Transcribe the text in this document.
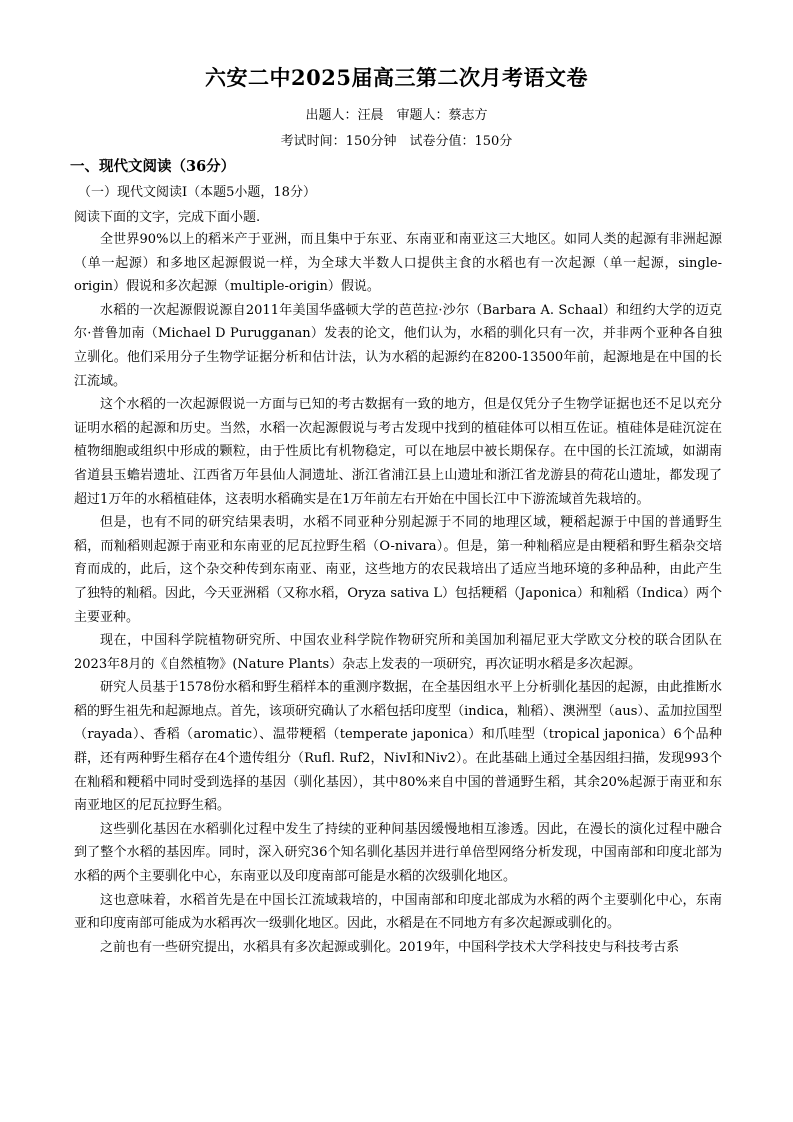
六安二中2025届高三第二次月考语文卷
出题人：汪晨　审题人：蔡志方
考试时间：150分钟　试卷分值：150分
一、现代文阅读（36分）
（一）现代文阅读Ⅰ（本题5小题，18分）
阅读下面的文字，完成下面小题.

全世界90%以上的稻米产于亚洲，而且集中于东亚、东南亚和南亚这三大地区。如同人类的起源有非洲起源（单一起源）和多地区起源假说一样，为全球大半数人口提供主食的水稻也有一次起源（单一起源，single-origin）假说和多次起源（multiple-origin）假说。

水稻的一次起源假说源自2011年美国华盛顿大学的芭芭拉·沙尔（Barbara A. Schaal）和纽约大学的迈克尔·普鲁加南（Michael D Purugganan）发表的论文，他们认为，水稻的驯化只有一次，并非两个亚种各自独立驯化。他们采用分子生物学证据分析和估计法，认为水稻的起源约在8200-13500年前，起源地是在中国的长江流域。

这个水稻的一次起源假说一方面与已知的考古数据有一致的地方，但是仅凭分子生物学证据也还不足以充分证明水稻的起源和历史。当然，水稻一次起源假说与考古发现中找到的植硅体可以相互佐证。植硅体是硅沉淀在植物细胞或组织中形成的颗粒，由于性质比有机物稳定，可以在地层中被长期保存。在中国的长江流域，如湖南省道县玉蟾岩遗址、江西省万年县仙人洞遗址、浙江省浦江县上山遗址和浙江省龙游县的荷花山遗址，都发现了超过1万年的水稻植硅体，这表明水稻确实是在1万年前左右开始在中国长江中下游流域首先栽培的。

但是，也有不同的研究结果表明，水稻不同亚种分别起源于不同的地理区域，粳稻起源于中国的普通野生稻，而籼稻则起源于南亚和东南亚的尼瓦拉野生稻（O-nivara）。但是，第一种籼稻应是由粳稻和野生稻杂交培育而成的，此后，这个杂交种传到东南亚、南亚，这些地方的农民栽培出了适应当地环境的多种品种，由此产生了独特的籼稻。因此，今天亚洲稻（又称水稻，Oryza sativa L）包括粳稻（Japonica）和籼稻（Indica）两个主要亚种。

现在，中国科学院植物研究所、中国农业科学院作物研究所和美国加利福尼亚大学欧文分校的联合团队在2023年8月的《自然植物》(Nature Plants）杂志上发表的一项研究，再次证明水稻是多次起源。

研究人员基于1578份水稻和野生稻样本的重测序数据，在全基因组水平上分析驯化基因的起源，由此推断水稻的野生祖先和起源地点。首先，该项研究确认了水稻包括印度型（indica，籼稻）、澳洲型（aus）、孟加拉国型（rayada）、香稻（aromatic）、温带粳稻（temperate japonica）和爪哇型（tropical japonica）6个品种群，还有两种野生稻存在4个遗传组分（Rufl. Ruf2，NivI和Niv2）。在此基础上通过全基因组扫描，发现993个在籼稻和粳稻中同时受到选择的基因（驯化基因），其中80%来自中国的普通野生稻，其余20%起源于南亚和东南亚地区的尼瓦拉野生稻。

这些驯化基因在水稻驯化过程中发生了持续的亚种间基因缓慢地相互渗透。因此，在漫长的演化过程中融合到了整个水稻的基因库。同时，深入研究36个知名驯化基因并进行单倍型网络分析发现，中国南部和印度北部为水稻的两个主要驯化中心，东南亚以及印度南部可能是水稻的次级驯化地区。

这也意味着，水稻首先是在中国长江流域栽培的，中国南部和印度北部成为水稻的两个主要驯化中心，东南亚和印度南部可能成为水稻再次一级驯化地区。因此，水稻是在不同地方有多次起源或驯化的。

之前也有一些研究提出，水稻具有多次起源或驯化。2019年，中国科学技术大学科技史与科技考古系
